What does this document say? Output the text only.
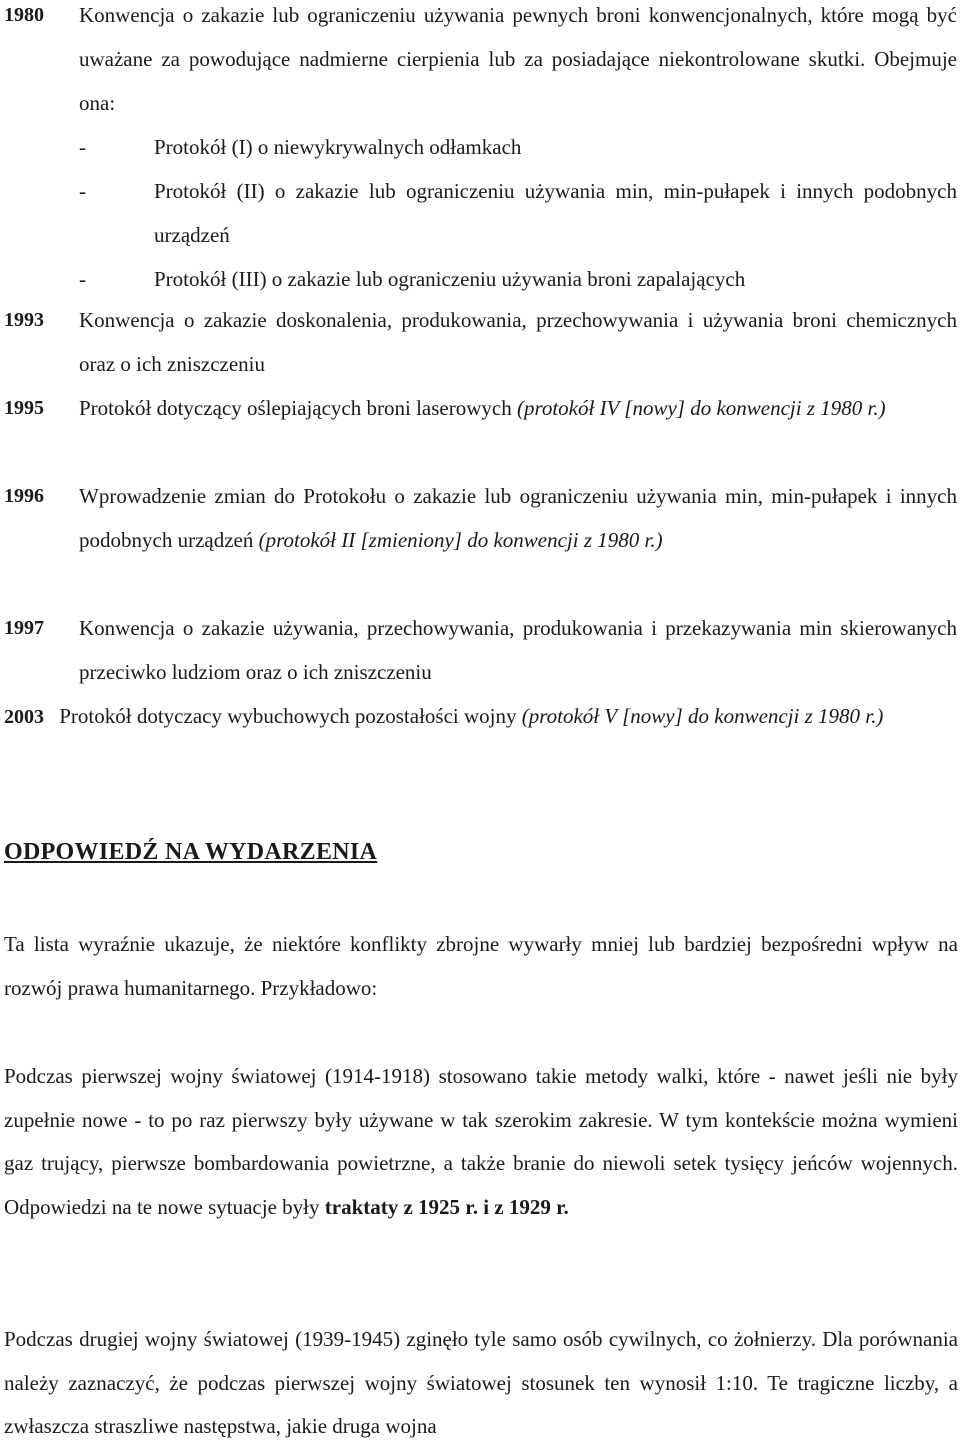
1980 Konwencja o zakazie lub ograniczeniu używania pewnych broni konwencjonalnych, które mogą być uważane za powodujące nadmierne cierpienia lub za posiadające niekontrolowane skutki. Obejmuje ona:
-	Protokół (I) o niewykrywalnych odłamkach
-	Protokół (II) o zakazie lub ograniczeniu używania min, min-pułapek i innych podobnych urządzeń
-	Protokół (III) o zakazie lub ograniczeniu używania broni zapalających
1993 Konwencja o zakazie doskonalenia, produkowania, przechowywania i używania broni chemicznych oraz o ich zniszczeniu
1995 Protokół dotyczący oślepiających broni laserowych (protokół IV [nowy] do konwencji z 1980 r.)
1996 Wprowadzenie zmian do Protokołu o zakazie lub ograniczeniu używania min, min-pułapek i innych podobnych urządzeń (protokół II [zmieniony] do konwencji z 1980 r.)
1997 Konwencja o zakazie używania, przechowywania, produkowania i przekazywania min skierowanych przeciwko ludziom oraz o ich zniszczeniu
2003 Protokół dotyczacy wybuchowych pozostałości wojny (protokół V [nowy] do konwencji z 1980 r.)
ODPOWIEDŹ NA WYDARZENIA
Ta lista wyraźnie ukazuje, że niektóre konflikty zbrojne wywarły mniej lub bardziej bezpośredni wpływ na rozwój prawa humanitarnego. Przykładowo:
Podczas pierwszej wojny światowej (1914-1918) stosowano takie metody walki, które - nawet jeśli nie były zupełnie nowe - to po raz pierwszy były używane w tak szerokim zakresie. W tym kontekście można wymieni gaz trujący, pierwsze bombardowania powietrzne, a także branie do niewoli setek tysięcy jeńców wojennych. Odpowiedzi na te nowe sytuacje były traktaty z 1925 r. i z 1929 r.
Podczas drugiej wojny światowej (1939-1945) zginęło tyle samo osób cywilnych, co żołnierzy. Dla porównania należy zaznaczyć, że podczas pierwszej wojny światowej stosunek ten wynosił 1:10. Te tragiczne liczby, a zwłaszcza straszliwe następstwa, jakie druga wojna
